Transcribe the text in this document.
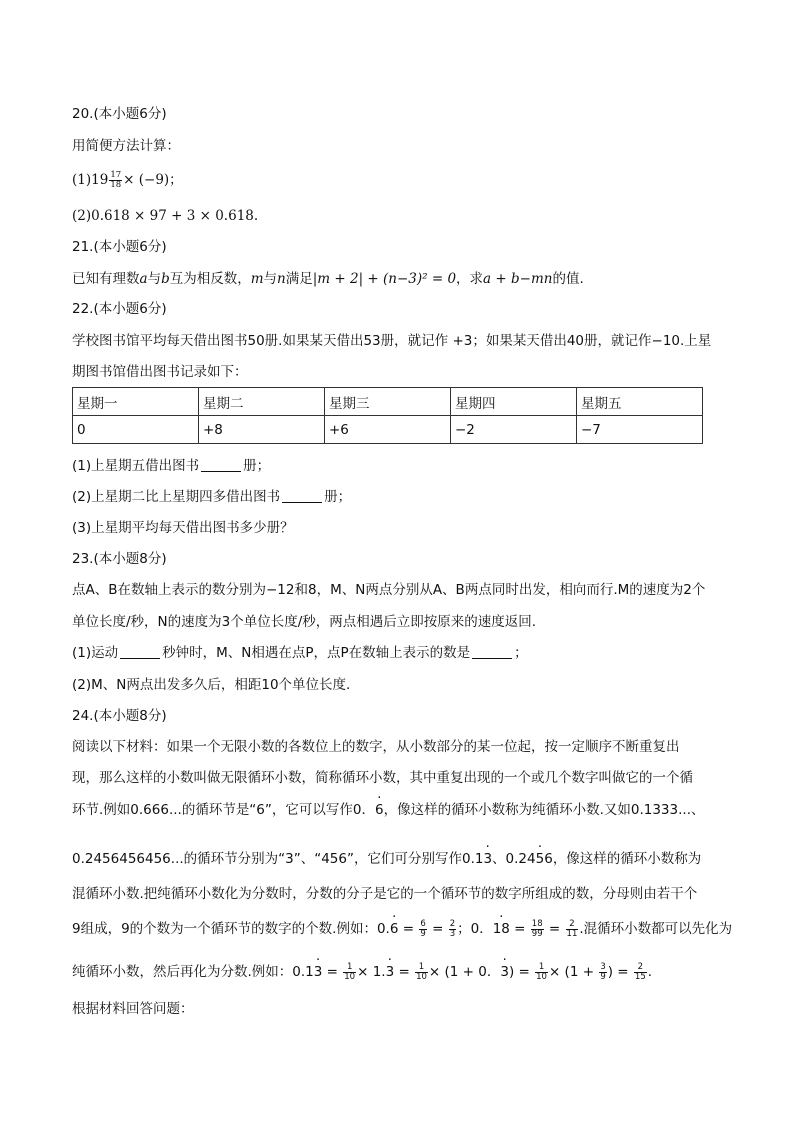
20.(本小题6分)
用简便方法计算：
$(1)19 \frac{17}{18} \times (-9)$；
(2)0.618 × 97 + 3 × 0.618.
21.(本小题6分)
已知有理数a与b互为相反数，m与n满足|m + 2| + (n−3)² = 0，求a + b−mn的值.
22.(本小题6分)
学校图书馆平均每天借出图书50册.如果某天借出53册，就记作 +3；如果某天借出40册，就记作−10.上星
期图书馆借出图书记录如下：
星期一	星期二	星期三	星期四	星期五
0	+8	+6	−2	−7
(1)上星期五借出图书	册；
(2)上星期二比上星期四多借出图书	册；
(3)上星期平均每天借出图书多少册？
23.(本小题8分)
点A、B在数轴上表示的数分别为−12和8，M、N两点分别从A、B两点同时出发，相向而行.M的速度为2个
单位长度/秒，N的速度为3个单位长度/秒，两点相遇后立即按原来的速度返回.
(1)运动	秒钟时，M、N相遇在点P，点P在数轴上表示的数是	；
(2)M、N两点出发多久后，相距10个单位长度.
24.(本小题8分)
阅读以下材料：如果一个无限小数的各数位上的数字，从小数部分的某一位起，按一定顺序不断重复出
现，那么这样的小数叫做无限循环小数，简称循环小数，其中重复出现的一个或几个数字叫做它的一个循
环节.例如0.666...的循环节是“6”，它可以写作0．· 6，像这样的循环小数称为纯循环小数.又如0.1333...、
0.2456456456...的循环节分别为“3”、“456”，它们可分别写作0.1· 3、0.2· 456，像这样的循环小数称为
混循环小数.把纯循环小数化为分数时，分数的分子是它的一个循环节的数字所组成的数，分母则由若干个
9组成，9的个数为一个循环节的数字的个数.例如：$0.\cdot 6 = \frac{6}{9} = \frac{2}{3}$ ；0．· $18 = \frac{18}{99} = \frac{2}{11}$ .混循环小数都可以先化为
纯循环小数，然后再化为分数.例如：$0.1\cdot 3 = \frac{1}{10} \times 1.\cdot 3 = \frac{1}{10} \times (1 + 0$．· $3) = \frac{1}{10} \times (1 + \frac{3}{9}$ ) = $\frac{2}{15}$ .
根据材料回答问题：
